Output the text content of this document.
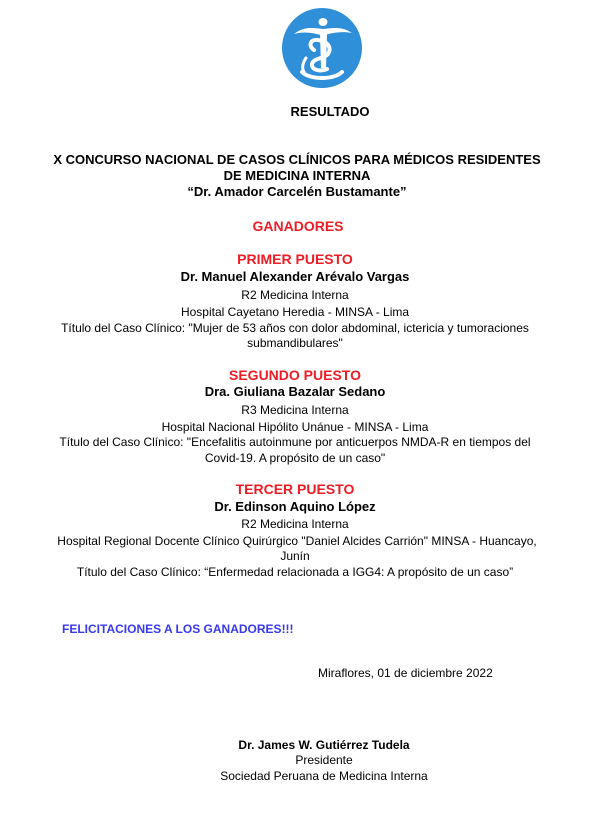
RESULTADO
X CONCURSO NACIONAL DE CASOS CLÍNICOS PARA MÉDICOS RESIDENTES
DE MEDICINA INTERNA
“Dr. Amador Carcelén Bustamante”
GANADORES
PRIMER PUESTO
Dr. Manuel Alexander Arévalo Vargas
R2 Medicina Interna
Hospital Cayetano Heredia - MINSA - Lima
Título del Caso Clínico: "Mujer de 53 años con dolor abdominal, ictericia y tumoraciones
submandibulares"
SEGUNDO PUESTO
Dra. Giuliana Bazalar Sedano
R3 Medicina Interna
Hospital Nacional Hipólito Unánue - MINSA - Lima
Título del Caso Clínico: "Encefalitis autoinmune por anticuerpos NMDA-R en tiempos del
Covid-19. A propósito de un caso"
TERCER PUESTO
Dr. Edinson Aquino López
R2 Medicina Interna
Hospital Regional Docente Clínico Quirúrgico "Daniel Alcides Carrión" MINSA - Huancayo,
Junín
Título del Caso Clínico: “Enfermedad relacionada a IGG4: A propósito de un caso”
FELICITACIONES A LOS GANADORES!!!
Miraflores, 01 de diciembre 2022
Dr. James W. Gutiérrez Tudela
Presidente
Sociedad Peruana de Medicina Interna
